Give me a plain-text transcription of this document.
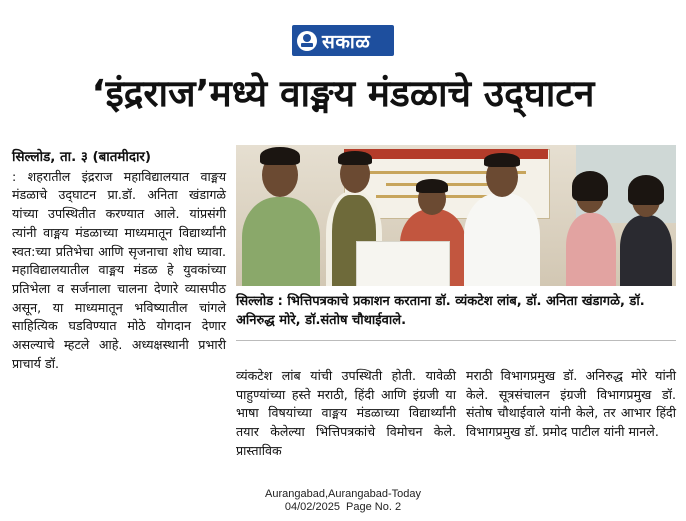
सकाळ
‘इंद्रराज’मध्ये वाङ्मय मंडळाचे उद्‌घाटन
सिल्लोड, ता. ३ (बातमीदार)
: शहरातील इंद्रराज महाविद्यालयात वाङ्मय मंडळाचे उद्‌घाटन प्रा.डॉ. अनिता खंडागळे यांच्या उपस्थितीत करण्यात आले. यांप्रसंगी त्यांनी वाङ्मय मंडळाच्या माध्यमातून विद्यार्थ्यांनी स्वत:च्या प्रतिभेचा आणि सृजनाचा शोध घ्यावा. महाविद्यालयातील वाङ्मय मंडळ हे युवकांच्या प्रतिभेला व सर्जनाला चालना देणारे व्यासपीठ असून, या माध्यमातून भविष्यातील चांगले साहित्यिक घडविण्यात मोठे योगदान देणार असल्याचे म्हटले आहे. अध्यक्षस्थानी प्रभारी प्राचार्य डॉ.
सिल्लोड : भित्तिपत्रकाचे प्रकाशन करताना डॉ. व्यंकटेश लांब, डॉ. अनिता खंडागळे, डॉ. अनिरुद्ध मोरे, डॉ.संतोष चौथाईवाले.
व्यंकटेश लांब यांची उपस्थिती होती. यावेळी पाहुण्यांच्या हस्ते मराठी, हिंदी आणि इंग्रजी या भाषा विषयांच्या वाङ्मय मंडळाच्या विद्यार्थ्यांनी तयार केलेल्या भित्तिपत्रकांचे विमोचन केले. प्रास्ताविक
मराठी विभागप्रमुख डॉ. अनिरुद्ध मोरे यांनी केले. सूत्रसंचालन इंग्रजी विभागप्रमुख डॉ. संतोष चौथाईवाले यांनी केले, तर आभार हिंदी विभागप्रमुख डॉ. प्रमोद पाटील यांनी मानले.
Aurangabad,Aurangabad-Today
04/02/2025  Page No. 2
